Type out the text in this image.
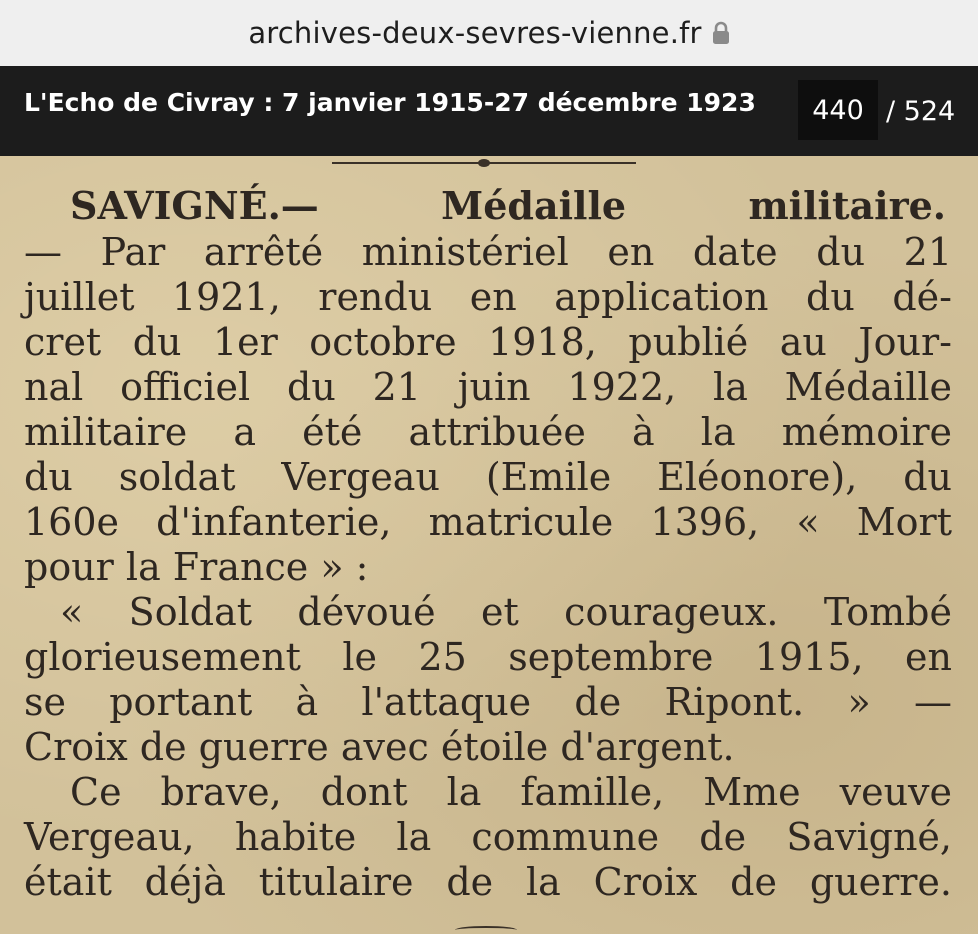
archives-deux-sevres-vienne.fr
L'Echo de Civray : 7 janvier 1915-27 décembre 1923
440	/ 524
SAVIGNÉ.— Médaille militaire.
— Par arrêté ministériel en date du 21
juillet 1921, rendu en application du dé-
cret du 1er octobre 1918, publié au Jour-
nal officiel du 21 juin 1922, la Médaille
militaire a été attribuée à la mémoire
du soldat Vergeau (Emile Eléonore), du
160e d'infanterie, matricule 1396, « Mort
pour la France » :
« Soldat dévoué et courageux. Tombé
glorieusement le 25 septembre 1915, en
se portant à l'attaque de Ripont. » —
Croix de guerre avec étoile d'argent.
Ce brave, dont la famille, Mme veuve
Vergeau, habite la commune de Savigné,
était déjà titulaire de la Croix de guerre.
